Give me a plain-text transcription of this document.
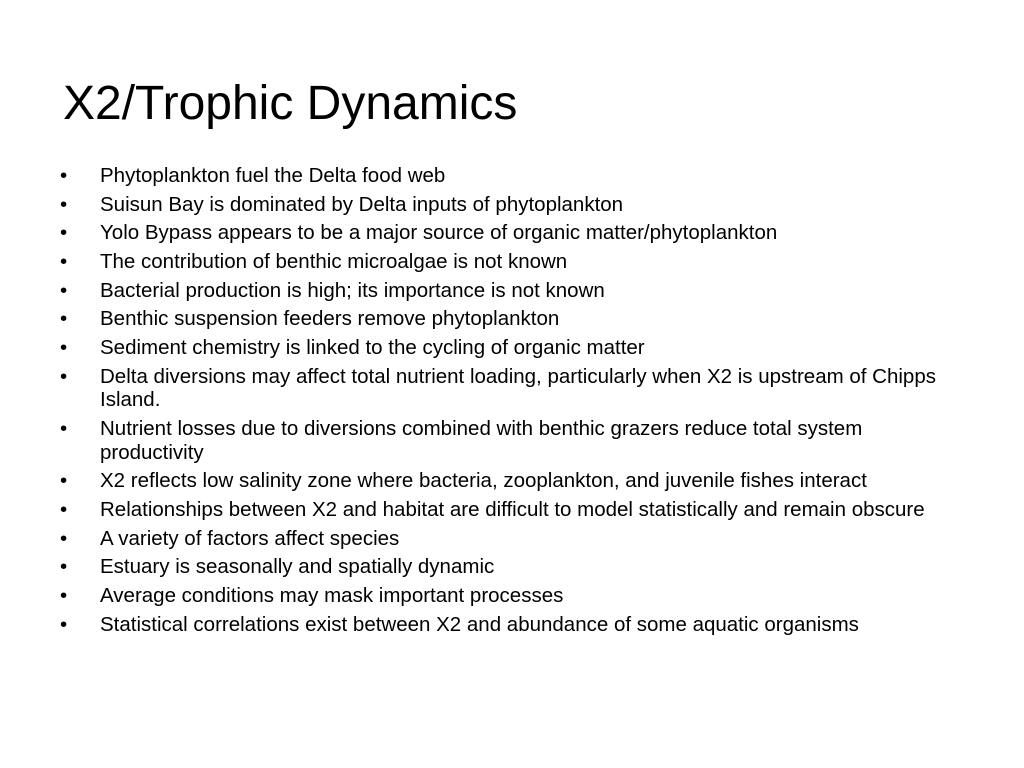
X2/Trophic Dynamics
•	Phytoplankton fuel the Delta food web
•	Suisun Bay is dominated by Delta inputs of phytoplankton
•	Yolo Bypass appears to be a major source of organic matter/phytoplankton
•	The contribution of benthic microalgae is not known
•	Bacterial production is high; its importance is not known
•	Benthic suspension feeders remove phytoplankton
•	Sediment chemistry is linked to the cycling of organic matter
•	Delta diversions may affect total nutrient loading, particularly when X2 is upstream of Chipps Island.
•	Nutrient losses due to diversions combined with benthic grazers reduce total system productivity
•	X2 reflects low salinity zone where bacteria, zooplankton, and juvenile fishes interact
•	Relationships between X2 and habitat are difficult to model statistically and remain obscure
•	A variety of factors affect species
•	Estuary is seasonally and spatially dynamic
•	Average conditions may mask important processes
•	Statistical correlations exist between X2 and abundance of some aquatic organisms
